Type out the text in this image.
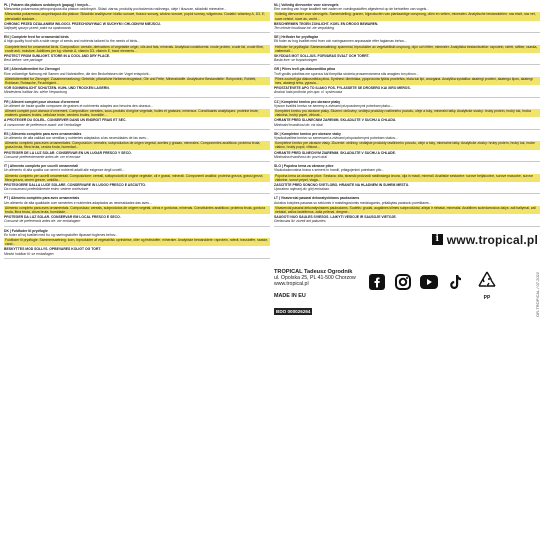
PL | Pokarm dla ptakow ozdobnych (papug) i innych...
Mieszanka pokarmowa pelnoporcjowa dla ptakow ozdobnych. Sklad: ziarna, produkty pochodzenia roslinnego, oleje i tluszcze, skladniki mineralne...
Mieszanka pokarmowa uzupelniajaca dla ptakow. Skladniki analityczne: bialko surowe, tluszcz surowy, wlokno surowe, popiol surowy, wilgotnosc. Dodatki: witaminy A, D3, E; pierwiastki sladowe...
CHRONIC PRZED DZIALANIEM WILGOCI. PRZECHOWYWAC W SUCHYM I CHLODNYM MIEJSCU.
Najlepiej spozyc przed: patrz na opakowaniu
EN | Complete feed for ornamental birds
A high quality food with a wide range of seeds and nutrients tailored to the needs of birds...
Complete feed for ornamental birds. Composition: cereals, derivatives of vegetable origin, oils and fats, minerals. Analytical constituents: crude protein, crude fat, crude fibre, crude ash, moisture. Additives per kg: vitamin A, vitamin D3, vitamin E, trace elements...
PROTECT FROM SUNLIGHT. STORE IN A COOL AND DRY PLACE.
Best before: see package
DE | Alleinfuttermittel fur Ziervogel
Eine vollwertige Nahrung mit Samen und Nahrstoffen, die den Bedurfnissen der Vogel entspricht...
Alleinfuttermittel fur Ziervogel. Zusammensetzung: Getreide, pflanzliche Nebenerzeugnisse, Ole und Fette, Mineralstoffe. Analytische Bestandteile: Rohprotein, Rohfett, Rohfaser, Rohasche, Feuchtigkeit...
VOR SONNENLICHT SCHUTZEN. KUHL UND TROCKEN LAGERN.
Mindestens haltbar bis: siehe Verpackung
FR | Aliment complet pour oiseaux d'ornement
Un aliment de haute qualite composee de graines et nutriments adaptes aux besoins des oiseaux...
Aliment complet pour oiseaux d'ornement. Composition: cereales, sous-produits d'origine vegetale, huiles et graisses, mineraux. Constituants analytiques: proteine brute, matieres grasses brutes, cellulose brute, cendres brutes, humidite...
A PROTEGER DU SOLEIL. CONSERVER DANS UN ENDROIT FRAIS ET SEC.
A consommer de preference avant: voir l'emballage
ES | Alimento completo para aves ornamentales
Un alimento de alta calidad con semillas y nutrientes adaptados a las necesidades de las aves...
Alimento completo para aves ornamentales. Composicion: cereales, subproductos de origen vegetal, aceites y grasas, minerales. Componentes analiticos: proteina bruta, grasa bruta, fibra bruta, ceniza bruta, humedad...
PROTEGER DE LA LUZ SOLAR. CONSERVAR EN UN LUGAR FRESCO Y SECO.
Consumir preferentemente antes de: ver el envase
IT | Alimento completo per uccelli ornamentali
Un alimento di alta qualita con semi e nutrienti adatti alle esigenze degli uccelli...
Alimento completo per uccelli ornamentali. Composizione: cereali, sottoprodotti di origine vegetale, oli e grassi, minerali. Componenti analitici: proteina grezza, grassi grezzi, fibra grezza, ceneri grezze, umidita...
PROTEGGERE DALLA LUCE SOLARE. CONSERVARE IN LUOGO FRESCO E ASCIUTTO.
Da consumarsi preferibilmente entro: vedere confezione
PT | Alimento completo para aves ornamentais
Um alimento de alta qualidade com sementes e nutrientes adaptados as necessidades das aves...
Alimento completo para aves ornamentais. Composicao: cereais, subprodutos de origem vegetal, oleos e gorduras, minerais. Constituintes analiticos: proteina bruta, gordura bruta, fibra bruta, cinza bruta, humidade...
PROTEGER DA LUZ SOLAR. CONSERVAR EM LOCAL FRESCO E SECO.
Consumir de preferencia antes de: ver embalagem
DK | Fuldfoder til prydfugle
En foder af hoj kvalitet med fro og naeringsstoffer tilpasset fuglenes behov...
Fuldfoder til prydfugle. Sammensaetning: korn, biprodukter af vegetabilsk oprindelse, olier og fedtstoffer, mineraler. Analytiske bestanddele: raprotein, rafedt, trasstoffer, raaske, vand...
BESKYTTES MOD SOLLYS. OPBEVARES KOLIGT OG TORT.
Mindst holdbar til: se emballagen
NL | Volledig diervoeder voor siervogels
Een voeding van hoge kwaliteit met zaden en voedingsstoffen afgestemd op de behoeften van vogels...
Volledig diervoeder voor siervogels. Samenstelling: granen, bijproducten van plantaardige oorsprong, olien en vetten, mineralen. Analytische bestanddelen: ruw eiwit, ruw vet, ruwe celstof, ruwe as, vocht...
BESCHERMEN TEGEN ZONLICHT. KOEL EN DROOG BEWAREN.
Ten minste houdbaar tot: zie verpakking
SE | Helfoder for prydfaglar
Ett foder av hog kvalitet med froer och naringsamnen anpassade efter faglarnas behov...
Helfoder for prydfaglar. Sammansattning: spannmal, biprodukter av vegetabiliskt ursprung, oljor och fetter, mineraler. Analytiska bestandsdelar: raprotein, rafett, rafiber, raaska, vattenhalt...
SKYDDAS MOT SOLLJUS. FORVARAS SVALT OCH TORRT.
Basta fore: se forpackningen
GR | Plires trofi gia diakosmitika ptina
Trofi ypsilis poiotitas me sporous kai threptika stoixeia prosarmosmena stis anagkes ton ptinon...
Plires zootrofi gia diakosmitika ptina. Synthesi: dimitriaka, ypoproionta fytikis proelefsis, elaia kai lipi, anorgana. Analytika systatika: akatergi proteini, akatergo lipos, akatergi ines, akatergi tefra, ygrasia...
PROSTATEVETE APO TO ILIAKO FOS. FYLASSETE SE DROSERO KAI XIRO MEROS.
Analosi kata protimisi prin apo: vl. syskevasia
CZ | Kompletni krmivo pro okrasne ptaky
Vysoce kvalitni krmivo se semeny a zivinami prizpusobenymi potrebam ptaku...
Kompletni krmivo pro okrasne ptaky. Slozeni: obiloviny, vedlejsi produkty rostlinneho puvodu, oleje a tuky, mineralni latky. Analyticke slozky: hruby protein, hrubý tuk, hruba vlaknina, hrubý popel, vlhkost...
CHRANTE PRED SLUNECNIM ZARENIM. SKLADUJTE V SUCHU A CHLADU.
Minimalni trvanlivost do: viz obal
SK | Kompletne krmivo pre okrasne vtaky
Vysokokvalitne krmivo so semenami a zivinami prisposobenymi potrebam vtakov...
Kompletne krmivo pre okrasne vtaky. Zlozenie: obilniny, vedlajsie produkty rastlinneho povodu, oleje a tuky, mineralne latky. Analyticke zlozky: hruby proteín, hrubý tuk, hrube vlakno, hrubý popol, vlhkost...
CHRANTE PRED SLNECNYM ZIARENIM. SKLADUJTE V SUCHU A CHLADE.
Minimalna trvanlivost do: pozri obal
SLO | Popolna krma za okrasne ptice
Visokokakovostna hrana s semeni in hranili, prilagojenimi potrebam ptic...
Popolna krma za okrasne ptice. Sestava: zita, stranski proizvodi rastlinskega izvora, olja in masti, minerali. Analitske sestavine: surove beljakovine, surove mascobe, surove vlaknine, surovi pepel, vlaga...
ZASCITITE PRED SONCNO SVETLOBO. HRANITE NA HLADNEM IN SUHEM MESTU.
Uporabno najmanj do: glej embalazo
LT | Visaverciai pasarai dekoratyviniams pauksciams
Aukstos kokybes pasaras su seklomis ir maistingosiomis medziagomis, pritaikytas pauksciu poreikiams...
Visaverciai pasarai dekoratyviniams pauksciams. Sudetis: grudai, augalines kilmes subproduktai, aliejai ir riebalai, mineralai. Analitines sudedamosios dalys: zali baltymai, zali riebalai, zalios lastelienos, zalia pelenai, dregme...
SAUGOTI NUO SAULES SVIESOS. LAIKYTI VESIOJE IR SAUSOJE VIETOJE.
Geriausias iki: ziureti ant pakuotes
i www.tropical.pl
TROPICAL Tadeusz Ogrodnik
ul. Opolska 25, PL 41-500 Chorzow
www.tropical.pl
MADE IN EU
BDO 000026264
PP	OR-TROPICAL / 07.2022
